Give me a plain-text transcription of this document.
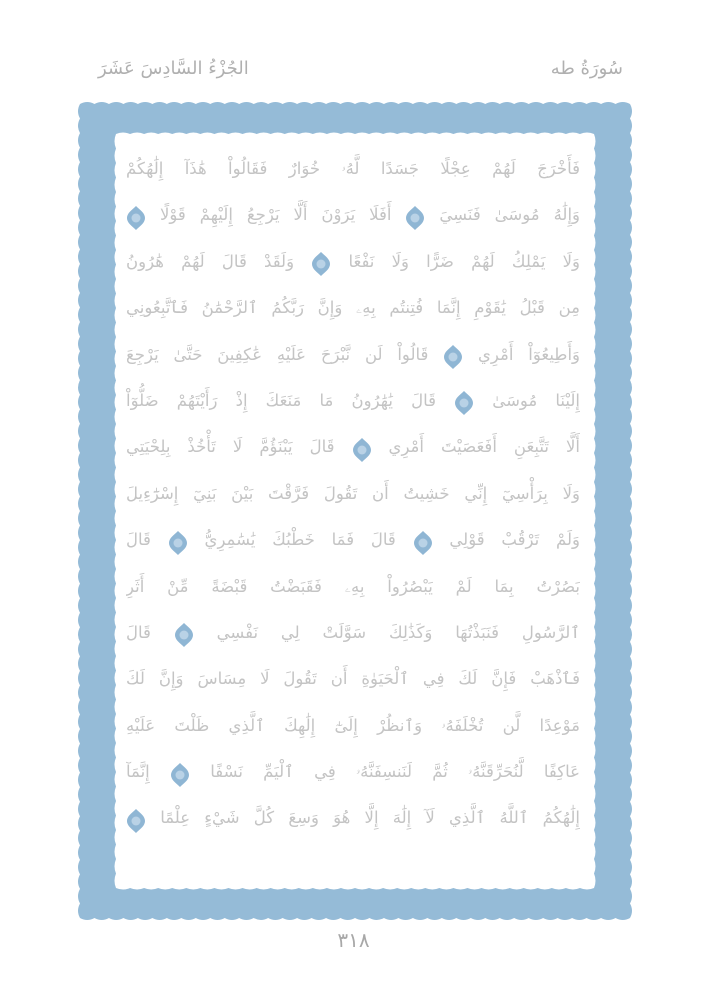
الجُزْءُ السَّادِسَ عَشَرَ	سُورَةُ طه
فَأَخْرَجَ لَهُمْ عِجْلًا جَسَدًا لَّهُۥ خُوَارٌ فَقَالُواْ هَٰذَآ إِلَٰهُكُمْ
وَإِلَٰهُ مُوسَىٰ فَنَسِيَ  أَفَلَا يَرَوْنَ أَلَّا يَرْجِعُ إِلَيْهِمْ قَوْلًا
وَلَا يَمْلِكُ لَهُمْ ضَرًّا وَلَا نَفْعًا  وَلَقَدْ قَالَ لَهُمْ هَٰرُونُ
مِن قَبْلُ يَٰقَوْمِ إِنَّمَا فُتِنتُم بِهِۦ وَإِنَّ رَبَّكُمُ ٱلرَّحْمَٰنُ فَٱتَّبِعُونِي
وَأَطِيعُوٓاْ أَمْرِي  قَالُواْ لَن نَّبْرَحَ عَلَيْهِ عَٰكِفِينَ حَتَّىٰ يَرْجِعَ
إِلَيْنَا مُوسَىٰ  قَالَ يَٰهَٰرُونُ مَا مَنَعَكَ إِذْ رَأَيْتَهُمْ ضَلُّوٓاْ
أَلَّا تَتَّبِعَنِ أَفَعَصَيْتَ أَمْرِي  قَالَ يَبْنَؤُمَّ لَا تَأْخُذْ بِلِحْيَتِي
وَلَا بِرَأْسِيٓ إِنِّي خَشِيتُ أَن تَقُولَ فَرَّقْتَ بَيْنَ بَنِيٓ إِسْرَٰٓءِيلَ
وَلَمْ تَرْقُبْ قَوْلِي  قَالَ فَمَا خَطْبُكَ يَٰسَٰمِرِيُّ  قَالَ
بَصُرْتُ بِمَا لَمْ يَبْصُرُواْ بِهِۦ فَقَبَضْتُ قَبْضَةً مِّنْ أَثَرِ
ٱلرَّسُولِ فَنَبَذْتُهَا وَكَذَٰلِكَ سَوَّلَتْ لِي نَفْسِي  قَالَ
فَٱذْهَبْ فَإِنَّ لَكَ فِي ٱلْحَيَوٰةِ أَن تَقُولَ لَا مِسَاسَ وَإِنَّ لَكَ
مَوْعِدًا لَّن تُخْلَفَهُۥ وَٱنظُرْ إِلَىٰٓ إِلَٰهِكَ ٱلَّذِي ظَلْتَ عَلَيْهِ
عَاكِفًا لَّنُحَرِّقَنَّهُۥ ثُمَّ لَنَنسِفَنَّهُۥ فِي ٱلْيَمِّ نَسْفًا  إِنَّمَآ
إِلَٰهُكُمُ ٱللَّهُ ٱلَّذِي لَآ إِلَٰهَ إِلَّا هُوَ وَسِعَ كُلَّ شَيْءٍ عِلْمًا
٣١٨
